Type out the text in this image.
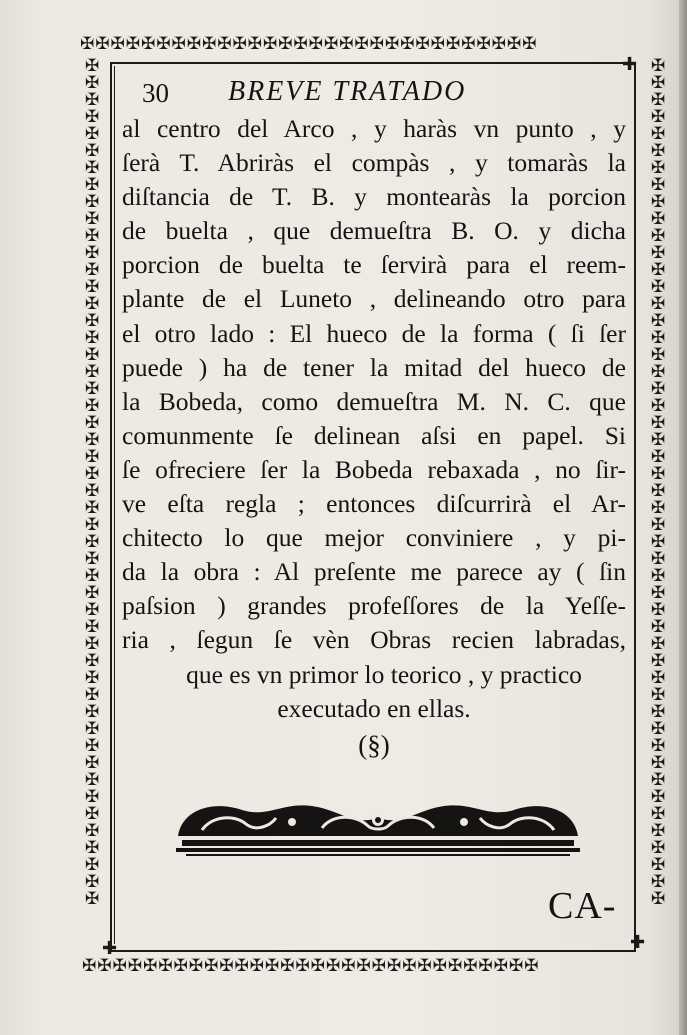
✠✠✠✠✠✠✠✠✠✠✠✠✠✠✠✠✠✠✠✠✠✠✠✠✠✠✠✠✠✠
✠✠✠✠✠✠✠✠✠✠✠✠✠✠✠✠✠✠✠✠✠✠✠✠✠✠✠✠✠✠
✠✠✠✠✠✠✠✠✠✠✠✠✠✠✠✠✠✠✠✠✠✠✠✠✠✠✠✠✠✠✠✠✠✠✠✠✠✠✠✠✠✠✠✠✠✠✠✠✠✠
✠✠✠✠✠✠✠✠✠✠✠✠✠✠✠✠✠✠✠✠✠✠✠✠✠✠✠✠✠✠✠✠✠✠✠✠✠✠✠✠✠✠✠✠✠✠✠✠✠✠
✚
✚
✚
30 BREVE TRATADO
al centro del Arco , y haràs vn punto , y
ſerà T. Abriràs el compàs , y tomaràs la
diſtancia de T. B. y montearàs la porcion
de buelta , que demueſtra B. O. y dicha
porcion de buelta te ſervirà para el reem-
plante de el Luneto , delineando otro para
el otro lado : El hueco de la forma ( ſi ſer
puede ) ha de tener la mitad del hueco de
la Bobeda, como demueſtra M. N. C. que
comunmente ſe delinean aſsi en papel. Si
ſe ofreciere ſer la Bobeda rebaxada , no ſir-
ve eſta regla ; entonces diſcurrirà el Ar-
chitecto lo que mejor conviniere , y pi-
da la obra : Al preſente me parece ay ( ſin
paſsion ) grandes profeſſores de la Yeſſe-
ria , ſegun ſe vèn Obras recien labradas,
que es vn primor lo teorico , y practico
executado en ellas.
(§)
CA-
